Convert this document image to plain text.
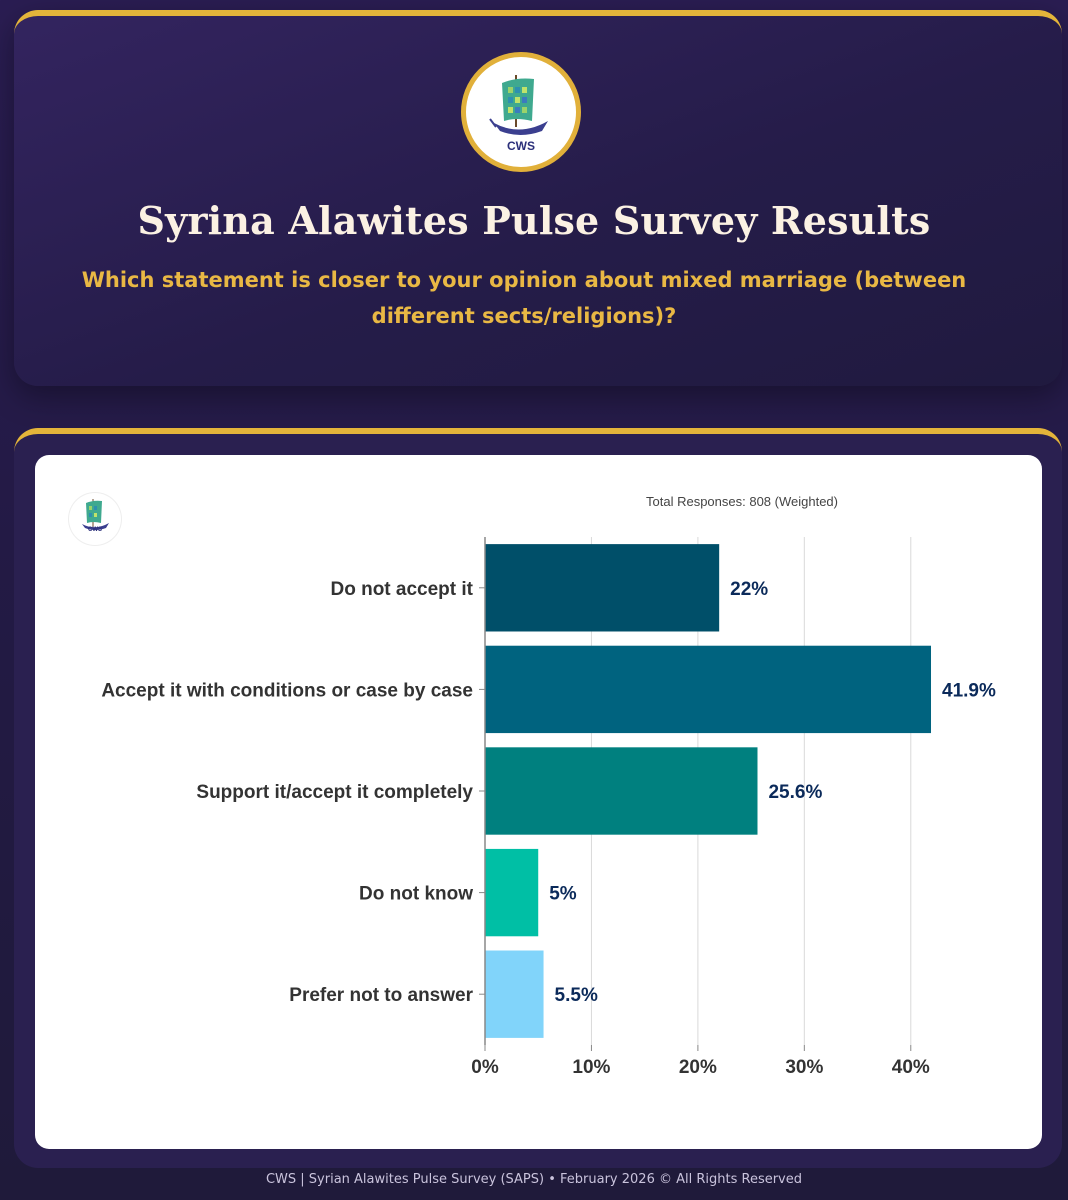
CWS
Syrina Alawites Pulse Survey Results
Which statement is closer to your opinion about mixed marriage (between different sects/religions)?
CWS
Total Responses: 808 (Weighted)
Do not accept it	22%
Accept it with conditions or case by case	41.9%
Support it/accept it completely	25.6%
Do not know	5%
Prefer not to answer	5.5%
0%	10%	20%	30%	40%
CWS | Syrian Alawites Pulse Survey (SAPS) • February 2026 © All Rights Reserved
